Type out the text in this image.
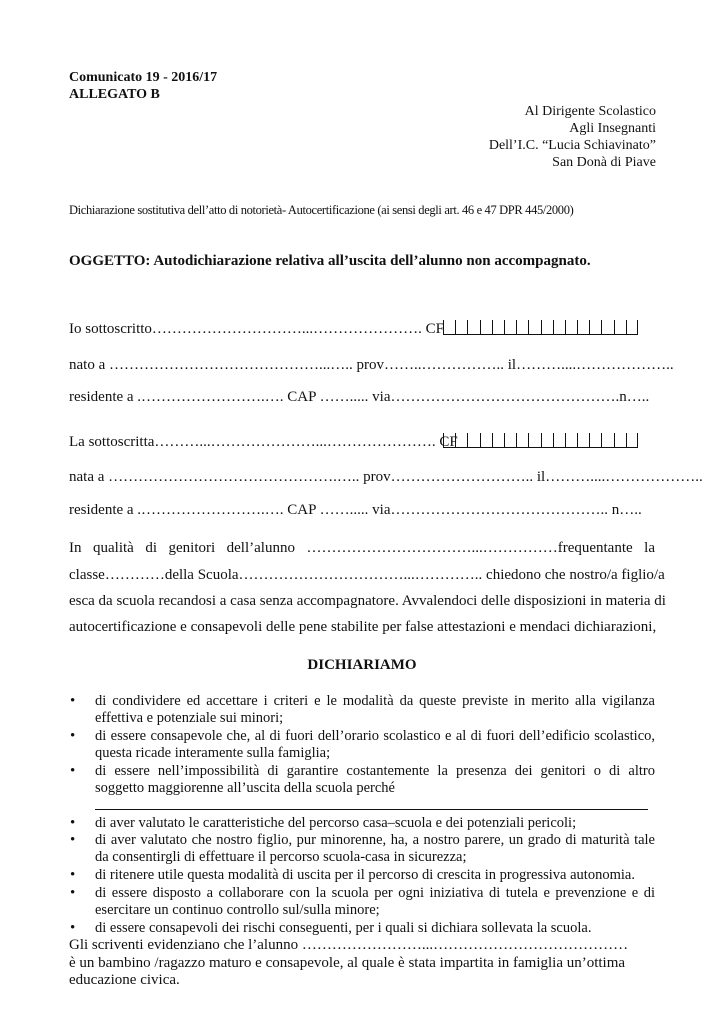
Comunicato 19 - 2016/17
ALLEGATO B
Al Dirigente Scolastico
Agli Insegnanti
Dell’I.C. “Lucia Schiavinato”
San Donà di Piave
Dichiarazione sostitutiva dell’atto di notorietà- Autocertificazione (ai sensi degli art. 46 e 47 DPR 445/2000)
OGGETTO: Autodichiarazione relativa all’uscita dell’alunno non accompagnato.
Io sottoscritto…………………………...…………………. CF
nato a ……………………………………...….. prov……..…………….. il………....………………..
residente a .…………………….…. CAP ……..... via……………………………………….n…..
La sottoscritta………...…………………...…………………. CF
nata a ……………………………………….….. prov……………………….. il………....………………..
residente a .…………………….…. CAP ……..... via…………………………………….. n…..
In qualità di genitori dell’alunno ……………………………...……………frequentante la
classe…………della Scuola……………………………...………….. chiedono che nostro/a figlio/a
esca da scuola recandosi a casa senza accompagnatore. Avvalendoci delle disposizioni in materia di
autocertificazione e consapevoli delle pene stabilite per false attestazioni e mendaci dichiarazioni,
DICHIARIAMO
• di condividere ed accettare i criteri e le modalità da queste previste in merito alla vigilanza
effettiva e potenziale sui minori;
• di essere consapevole che, al di fuori dell’orario scolastico e al di fuori dell’edificio scolastico,
questa ricade interamente sulla famiglia;
• di essere nell’impossibilità di garantire costantemente la presenza dei genitori o di altro
soggetto maggiorenne all’uscita della scuola perché
• di aver valutato le caratteristiche del percorso casa–scuola e dei potenziali pericoli;
• di aver valutato che nostro figlio, pur minorenne, ha, a nostro parere, un grado di maturità tale
da consentirgli di effettuare il percorso scuola-casa in sicurezza;
• di ritenere utile questa modalità di uscita per il percorso di crescita in progressiva autonomia.
• di essere disposto a collaborare con la scuola per ogni iniziativa di tutela e prevenzione e di
esercitare un continuo controllo sul/sulla minore;
• di essere consapevoli dei rischi conseguenti, per i quali si dichiara sollevata la scuola.
Gli scriventi evidenziano che l’alunno ……………………...…………………………………
è un bambino /ragazzo maturo e consapevole, al quale è stata impartita in famiglia un’ottima
educazione civica.
